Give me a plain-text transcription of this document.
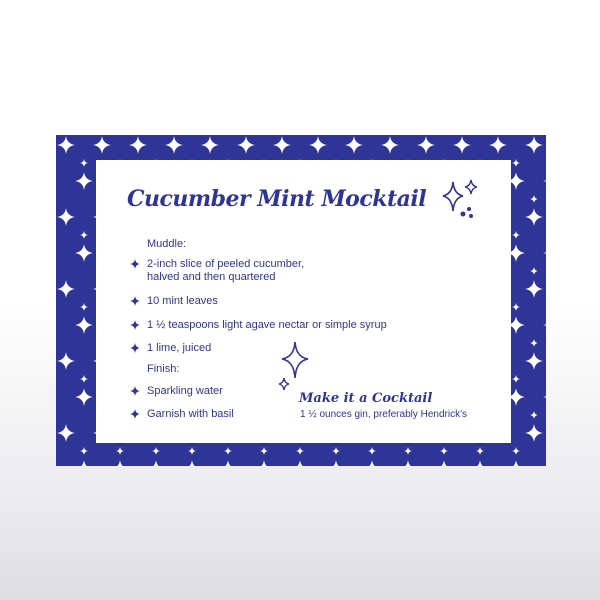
Cucumber Mint Mocktail
Muddle:
2-inch slice of peeled cucumber,
halved and then quartered
10 mint leaves
1 ½ teaspoons light agave nectar or simple syrup
1 lime, juiced
Finish:
Sparkling water
Garnish with basil
Make it a Cocktail
1 ½ ounces gin, preferably Hendrick's
